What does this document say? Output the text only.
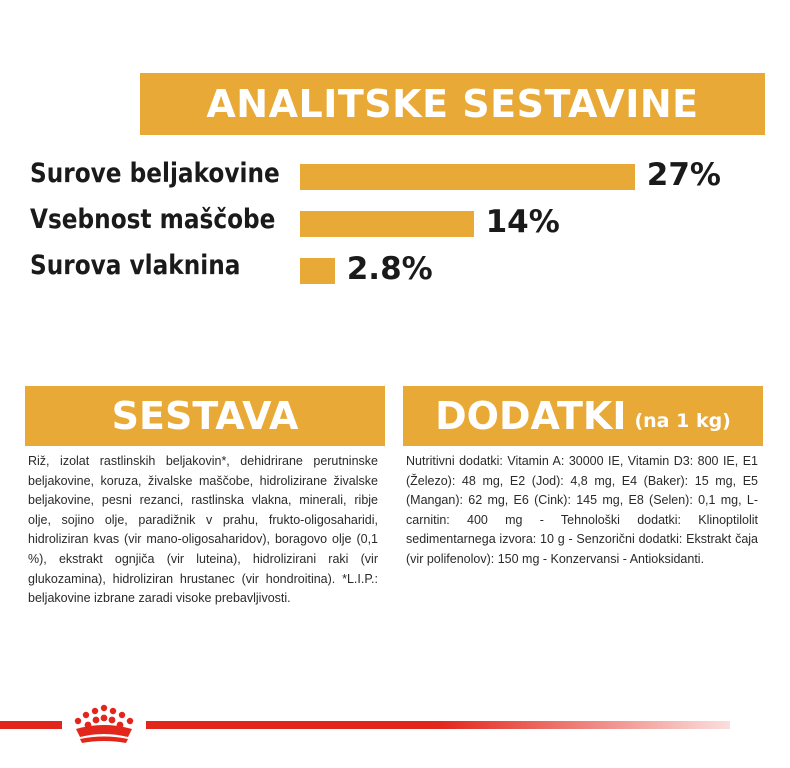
ANALITSKE SESTAVINE
Surove beljakovine	27%
Vsebnost maščobe	14%
Surova vlaknina	2.8%
SESTAVA

Riž, izolat rastlinskih beljakovin*, dehidrirane perutninske beljakovine, koruza, živalske maščobe, hidrolizirane živalske beljakovine, pesni rezanci, rastlinska vlakna, minerali, ribje olje, sojino olje, paradižnik v prahu, frukto-oligosaharidi, hidroliziran kvas (vir mano-oligosaharidov), boragovo olje (0,1 %), ekstrakt ognjiča (vir luteina), hidrolizirani raki (vir glukozamina), hidroliziran hrustanec (vir hondroitina). *L.I.P.: beljakovine izbrane zaradi visoke prebavljivosti.

DODATKI (na 1 kg)

Nutritivni dodatki: Vitamin A: 30000 IE, Vitamin D3: 800 IE, E1 (Železo): 48 mg, E2 (Jod): 4,8 mg, E4 (Baker): 15 mg, E5 (Mangan): 62 mg, E6 (Cink): 145 mg, E8 (Selen): 0,1 mg, L-carnitin: 400 mg - Tehnološki dodatki: Klinoptilolit sedimentarnega izvora: 10 g - Senzorični dodatki: Ekstrakt čaja (vir polifenolov): 150 mg - Konzervansi - Antioksidanti.
